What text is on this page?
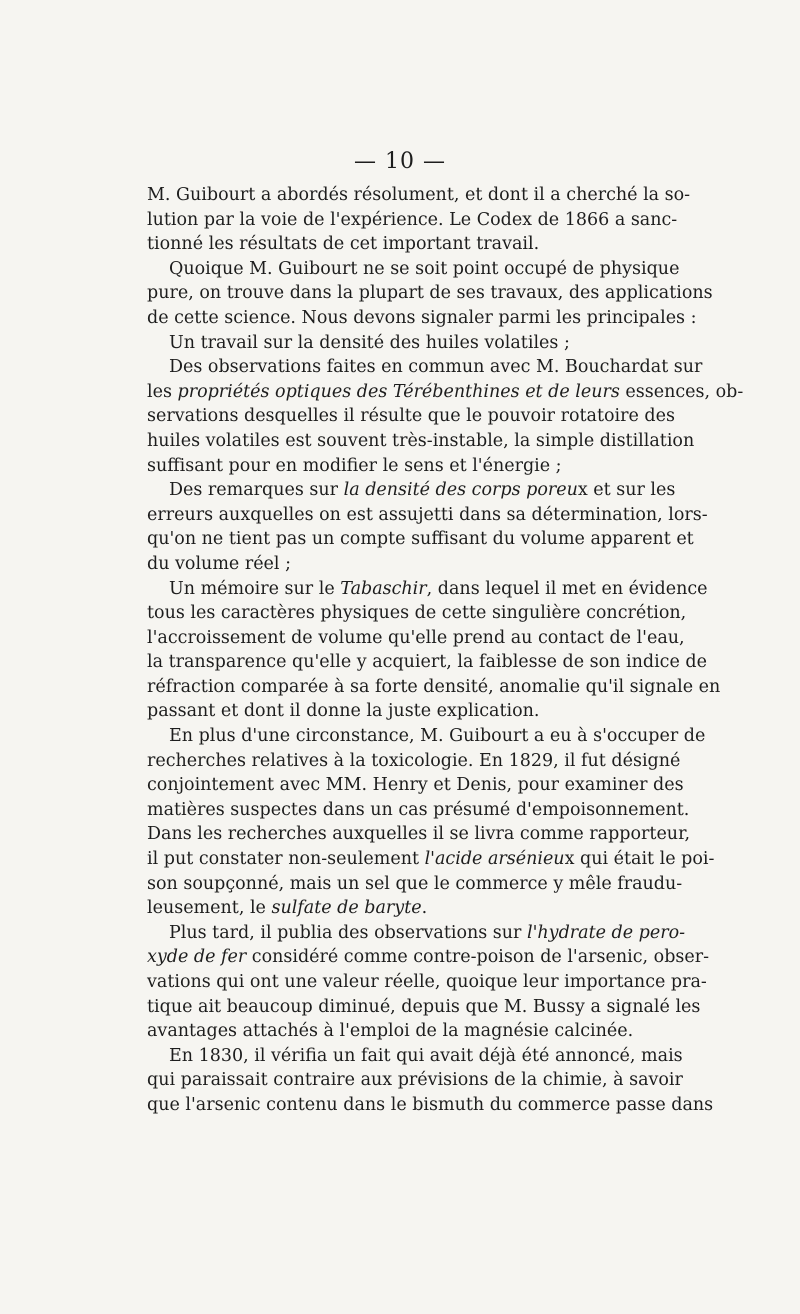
— 10 —
M. Guibourt a abordés résolument, et dont il a cherché la so-
lution par la voie de l'expérience. Le Codex de 1866 a sanc-
tionné les résultats de cet important travail.
Quoique M. Guibourt ne se soit point occupé de physique
pure, on trouve dans la plupart de ses travaux, des applications
de cette science. Nous devons signaler parmi les principales :
Un travail sur la densité des huiles volatiles ;
Des observations faites en commun avec M. Bouchardat sur
les propriétés optiques des Térébenthines et de leurs essences, ob-
servations desquelles il résulte que le pouvoir rotatoire des
huiles volatiles est souvent très-instable, la simple distillation
suffisant pour en modifier le sens et l'énergie ;
Des remarques sur la densité des corps poreux et sur les
erreurs auxquelles on est assujetti dans sa détermination, lors-
qu'on ne tient pas un compte suffisant du volume apparent et
du volume réel ;
Un mémoire sur le Tabaschir, dans lequel il met en évidence
tous les caractères physiques de cette singulière concrétion,
l'accroissement de volume qu'elle prend au contact de l'eau,
la transparence qu'elle y acquiert, la faiblesse de son indice de
réfraction comparée à sa forte densité, anomalie qu'il signale en
passant et dont il donne la juste explication.
En plus d'une circonstance, M. Guibourt a eu à s'occuper de
recherches relatives à la toxicologie. En 1829, il fut désigné
conjointement avec MM. Henry et Denis, pour examiner des
matières suspectes dans un cas présumé d'empoisonnement.
Dans les recherches auxquelles il se livra comme rapporteur,
il put constater non-seulement l'acide arsénieux qui était le poi-
son soupçonné, mais un sel que le commerce y mêle fraudu-
leusement, le sulfate de baryte.
Plus tard, il publia des observations sur l'hydrate de pero-
xyde de fer considéré comme contre-poison de l'arsenic, obser-
vations qui ont une valeur réelle, quoique leur importance pra-
tique ait beaucoup diminué, depuis que M. Bussy a signalé les
avantages attachés à l'emploi de la magnésie calcinée.
En 1830, il vérifia un fait qui avait déjà été annoncé, mais
qui paraissait contraire aux prévisions de la chimie, à savoir
que l'arsenic contenu dans le bismuth du commerce passe dans
